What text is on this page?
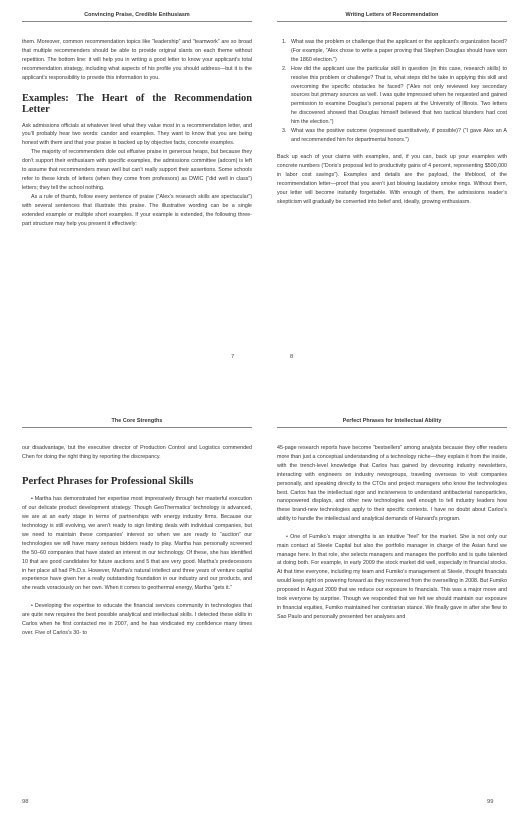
Convincing Praise, Credible Enthusiasm

them. Moreover, common recommendation topics like “leadership” and “teamwork” are so broad that multiple recommenders should be able to provide original slants on each theme without repetition. The bottom line: it will help you in writing a good letter to know your applicant’s total recommendation strategy, including what aspects of his profile you should address—but it is the applicant’s responsibility to provide this information to you.

Examples: The Heart of the Recommendation Letter

Ask admissions officials at whatever level what they value most in a recommendation letter, and you’ll probably hear two words: candor and examples. They want to know that you are being honest with them and that your praise is backed up by objective facts, concrete examples.

The majority of recommenders dole out effusive praise in generous heaps, but because they don’t support their enthusiasm with specific examples, the admissions committee (adcom) is left to assume that recommenders mean well but can’t really support their assertions. Some schools refer to these kinds of letters (when they come from professors) as DWIC (“did well in class”) letters; they tell the school nothing.

As a rule of thumb, follow every sentence of praise (“Alex’s research skills are spectacular”) with several sentences that illustrate this praise. The illustrative wording can be a single extended example or multiple short examples. If your example is extended, the following three-part structure may help you present it effectively:

7
Writing Letters of Recommendation
1. What was the problem or challenge that the applicant or the applicant’s organization faced? (For example, “Alex chose to write a paper proving that Stephen Douglas should have won the 1860 election.”)
2. How did the applicant use the particular skill in question (in this case, research skills) to resolve this problem or challenge? That is, what steps did he take in applying this skill and overcoming the specific obstacles he faced? (“Alex not only reviewed key secondary sources but primary sources as well. I was quite impressed when he requested and gained permission to examine Douglas’s personal papers at the University of Illinois. Two letters he discovered showed that Douglas himself believed that two tactical blunders had cost him the election.”)
3. What was the positive outcome (expressed quantitatively, if possible)? (“I gave Alex an A and recommended him for departmental honors.”)

Back up each of your claims with examples, and, if you can, back up your examples with concrete numbers (“Doris’s proposal led to productivity gains of 4 percent, representing $500,000 in labor cost savings”). Examples and details are the payload, the lifeblood, of the recommendation letter—proof that you aren’t just blowing laudatory smoke rings. Without them, your letter will become instantly forgettable. With enough of them, the admissions reader’s skepticism will gradually be converted into belief and, ideally, growing enthusiasm.

8
The Core Strengths

our disadvantage, but the executive director of Production Control and Logistics commended Chen for doing the right thing by reporting the discrepancy.

Perfect Phrases for Professional Skills

• Martha has demonstrated her expertise most impressively through her masterful execution of our delicate product development strategy. Though GeoThermatics’ technology is advanced, we are at an early stage in terms of partnerships with energy industry firms. Because our technology is still evolving, we aren’t ready to sign limiting deals with individual companies, but we need to maintain these companies’ interest so when we are ready to “auction” our technologies we will have many serious bidders ready to play. Martha has personally screened the 50–60 companies that have stated an interest in our technology. Of these, she has identified 10 that are good candidates for future auctions and 5 that are very good. Martha’s predecessors in her place all had Ph.D.s. However, Martha’s natural intellect and three years of venture capital experience have given her a really outstanding foundation in our industry and our products, and she reads voraciously on her own. When it comes to geothermal energy, Martha “gets it.”

• Developing the expertise to educate the financial services community in technologies that are quite new requires the best possible analytical and intellectual skills. I detected these skills in Carlos when he first contacted me in 2007, and he has vindicated my confidence many times over. Five of Carlos’s 30- to

98
Perfect Phrases for Intellectual Ability

45-page research reports have become “bestsellers” among analysts because they offer readers more than just a conceptual understanding of a technology niche—they explain it from the inside, with the trench-level knowledge that Carlos has gained by devouring industry newsletters, interacting with engineers on industry newsgroups, traveling overseas to visit companies personally, and speaking directly to the CTOs and project managers who know the technologies best. Carlos has the intellectual rigor and incisiveness to understand antibacterial nanoparticles, nanopowered displays, and other new technologies well enough to tell industry leaders how these brand-new technologies apply to their specific contexts. I have no doubt about Carlos’s ability to handle the intellectual and analytical demands of Harvard’s program.

• One of Fumiko’s major strengths is an intuitive “feel” for the market. She is not only our main contact at Steele Capital but also the portfolio manager in charge of the Asian fund we manage here. In that role, she selects managers and manages the portfolio and is quite talented at doing both. For example, in early 2009 the stock market did well, especially in financial stocks. At that time everyone, including my team and Fumiko’s management at Steele, thought financials would keep right on powering forward as they recovered from the overselling in 2008. But Fumiko proposed in August 2009 that we reduce our exposure to financials. This was a major move and took everyone by surprise. Though we responded that we felt we should maintain our exposure in financial equities, Fumiko maintained her contrarian stance. We finally gave in after she flew to Sao Paulo and personally presented her analyses and

99
